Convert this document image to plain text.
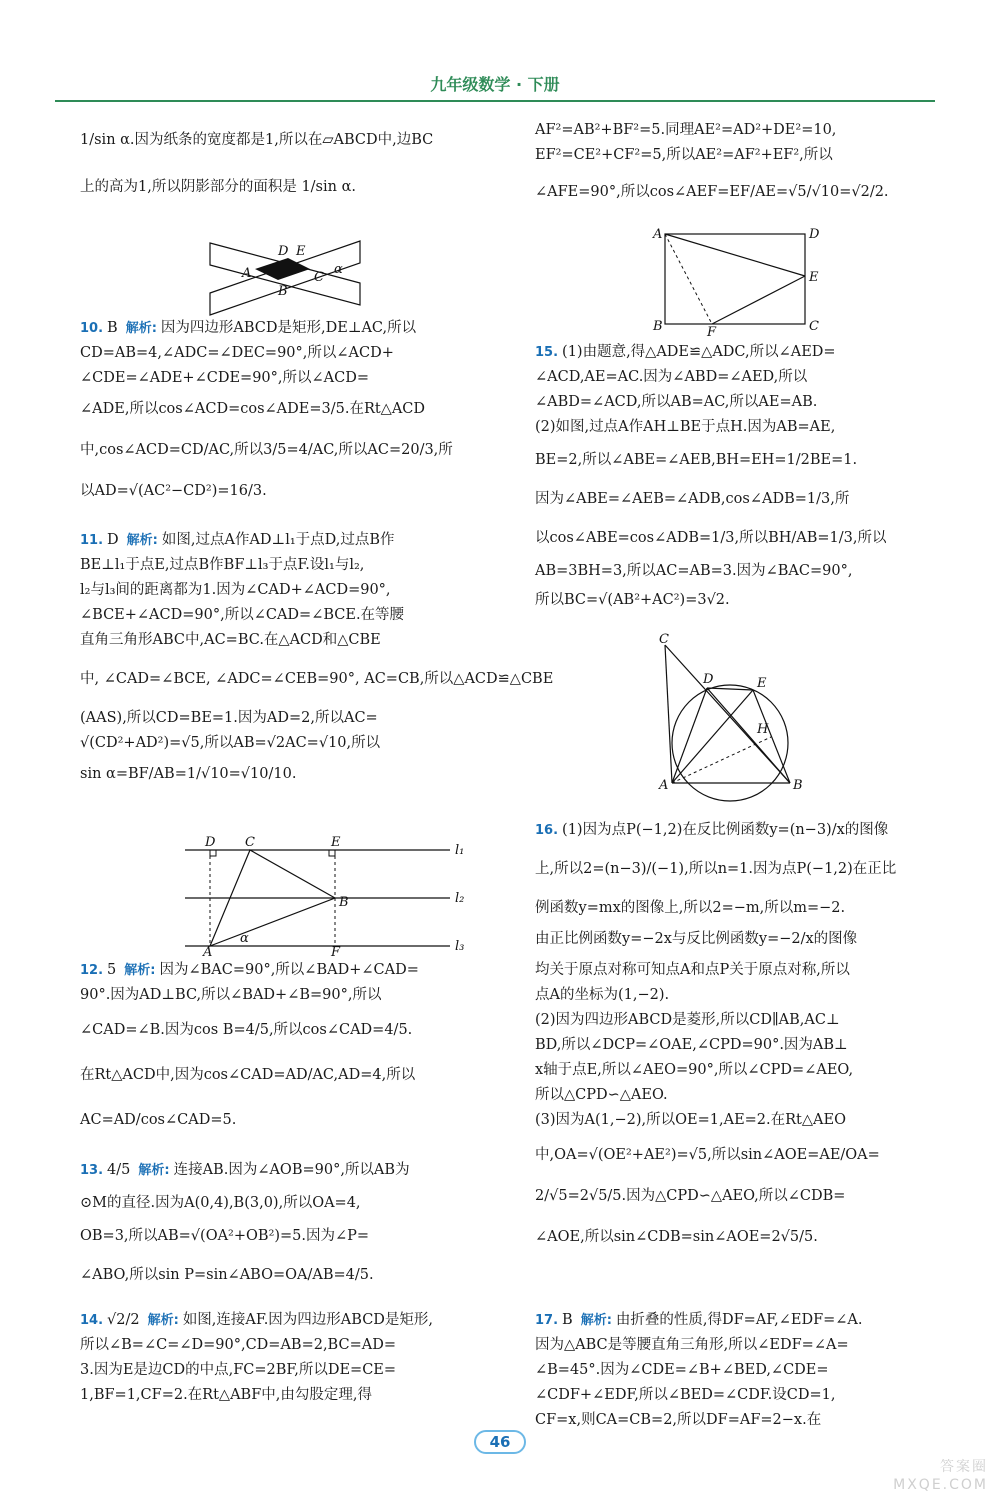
九年级数学 · 下册
1/sin α.因为纸条的宽度都是1,所以在▱ABCD中,边BC
上的高为1,所以阴影部分的面积是 1/sin α.
D E
A	C
B
α
10. B 解析: 因为四边形ABCD是矩形,DE⊥AC,所以
CD=AB=4,∠ADC=∠DEC=90°,所以∠ACD+
∠CDE=∠ADE+∠CDE=90°,所以∠ACD=
∠ADE,所以cos∠ACD=cos∠ADE=3/5.在Rt△ACD
中,cos∠ACD=CD/AC,所以3/5=4/AC,所以AC=20/3,所
以AD=√(AC²−CD²)=16/3.
11. D 解析: 如图,过点A作AD⊥l₁于点D,过点B作
BE⊥l₁于点E,过点B作BF⊥l₃于点F.设l₁与l₂,
l₂与l₃间的距离都为1.因为∠CAD+∠ACD=90°,
∠BCE+∠ACD=90°,所以∠CAD=∠BCE.在等腰
直角三角形ABC中,AC=BC.在△ACD和△CBE
中, ∠CAD=∠BCE, ∠ADC=∠CEB=90°, AC=CB,所以△ACD≌△CBE
(AAS),所以CD=BE=1.因为AD=2,所以AC=
√(CD²+AD²)=√5,所以AB=√2AC=√10,所以
sin α=BF/AB=1/√10=√10/10.
D C	E
l₁
l₂
B
A
α
F	l₃
12. 5 解析: 因为∠BAC=90°,所以∠BAD+∠CAD=
90°.因为AD⊥BC,所以∠BAD+∠B=90°,所以
∠CAD=∠B.因为cos B=4/5,所以cos∠CAD=4/5.
在Rt△ACD中,因为cos∠CAD=AD/AC,AD=4,所以
AC=AD/cos∠CAD=5.
13. 4/5 解析: 连接AB.因为∠AOB=90°,所以AB为
⊙M的直径.因为A(0,4),B(3,0),所以OA=4,
OB=3,所以AB=√(OA²+OB²)=5.因为∠P=
∠ABO,所以sin P=sin∠ABO=OA/AB=4/5.
14. √2/2 解析: 如图,连接AF.因为四边形ABCD是矩形,
所以∠B=∠C=∠D=90°,CD=AB=2,BC=AD=
3.因为E是边CD的中点,FC=2BF,所以DE=CE=
1,BF=1,CF=2.在Rt△ABF中,由勾股定理,得
AF²=AB²+BF²=5.同理AE²=AD²+DE²=10,
EF²=CE²+CF²=5,所以AE²=AF²+EF²,所以
∠AFE=90°,所以cos∠AEF=EF/AE=√5/√10=√2/2.
A	D
E
B	F	C
15. (1)由题意,得△ADE≌△ADC,所以∠AED=
∠ACD,AE=AC.因为∠ABD=∠AED,所以
∠ABD=∠ACD,所以AB=AC,所以AE=AB.
(2)如图,过点A作AH⊥BE于点H.因为AB=AE,
BE=2,所以∠ABE=∠AEB,BH=EH=1/2BE=1.
因为∠ABE=∠AEB=∠ADB,cos∠ADB=1/3,所
以cos∠ABE=cos∠ADB=1/3,所以BH/AB=1/3,所以
AB=3BH=3,所以AC=AB=3.因为∠BAC=90°,
所以BC=√(AB²+AC²)=3√2.
C
D	E
H
A	B
16. (1)因为点P(−1,2)在反比例函数y=(n−3)/x的图像
上,所以2=(n−3)/(−1),所以n=1.因为点P(−1,2)在正比
例函数y=mx的图像上,所以2=−m,所以m=−2.
由正比例函数y=−2x与反比例函数y=−2/x的图像
均关于原点对称可知点A和点P关于原点对称,所以
点A的坐标为(1,−2).
(2)因为四边形ABCD是菱形,所以CD∥AB,AC⊥
BD,所以∠DCP=∠OAE,∠CPD=90°.因为AB⊥
x轴于点E,所以∠AEO=90°,所以∠CPD=∠AEO,
所以△CPD∽△AEO.
(3)因为A(1,−2),所以OE=1,AE=2.在Rt△AEO
中,OA=√(OE²+AE²)=√5,所以sin∠AOE=AE/OA=
2/√5=2√5/5.因为△CPD∽△AEO,所以∠CDB=
∠AOE,所以sin∠CDB=sin∠AOE=2√5/5.
17. B 解析: 由折叠的性质,得DF=AF,∠EDF=∠A.
因为△ABC是等腰直角三角形,所以∠EDF=∠A=
∠B=45°.因为∠CDE=∠B+∠BED,∠CDE=
∠CDF+∠EDF,所以∠BED=∠CDF.设CD=1,
CF=x,则CA=CB=2,所以DF=AF=2−x.在
46
答案圈
MXQE.COM
